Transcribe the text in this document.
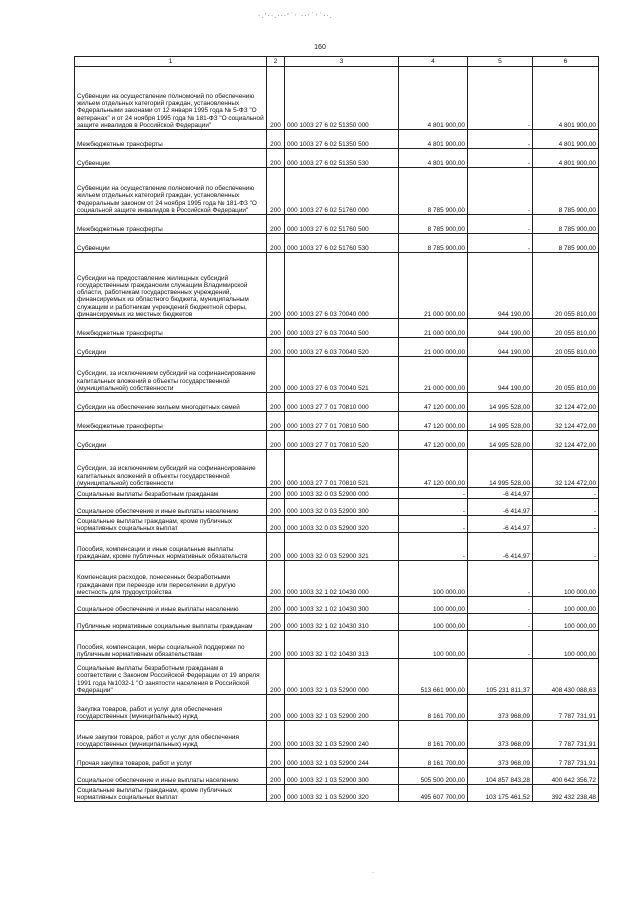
·.ʻ··.···'˙ˑ ··ˑ˙ˑ˙··.
160
1	2	3	4	5	6
Субвенции на осуществление полномочий по обеспечению жильем отдельных категорий граждан, установленных Федеральными законами от 12 января 1995 года № 5-ФЗ "О ветеранах" и от 24 ноября 1995 года № 181-ФЗ "О социальной защите инвалидов в Российской Федерации"	200	000 1003 27 6 02 51350 000	4 801 900,00	-	4 801 900,00
Межбюджетные трансферты	200	000 1003 27 6 02 51350 500	4 801 900,00	-	4 801 900,00
Субвенции	200	000 1003 27 6 02 51350 530	4 801 900,00	-	4 801 900,00
Субвенции на осуществление полномочий по обеспечению жильем отдельных категорий граждан, установленных Федеральным законом от 24 ноября 1995 года № 181-ФЗ "О социальной защите инвалидов в Российской Федерации"	200	000 1003 27 6 02 51760 000	8 785 900,00	-	8 785 900,00
Межбюджетные трансферты	200	000 1003 27 6 02 51760 500	8 785 900,00	-	8 785 900,00
Субвенции	200	000 1003 27 6 02 51760 530	8 785 900,00	-	8 785 900,00
Субсидии на предоставление жилищных субсидий государственным гражданским служащим Владимирской области, работникам государственных учреждений, финансируемых из областного бюджета, муниципальным служащим и работникам учреждений бюджетной сферы, финансируемых из местных бюджетов	200	000 1003 27 6 03 70040 000	21 000 000,00	944 190,00	20 055 810,00
Межбюджетные трансферты	200	000 1003 27 6 03 70040 500	21 000 000,00	944 190,00	20 055 810,00
Субсидии	200	000 1003 27 6 03 70040 520	21 000 000,00	944 190,00	20 055 810,00
Субсидии, за исключением субсидий на софинансирование капитальных вложений в объекты государственной (муниципальной) собственности	200	000 1003 27 6 03 70040 521	21 000 000,00	944 190,00	20 055 810,00
Субсидии на обеспечение жильем многодетных семей	200	000 1003 27 7 01 70810 000	47 120 000,00	14 995 528,00	32 124 472,00
Межбюджетные трансферты	200	000 1003 27 7 01 70810 500	47 120 000,00	14 995 528,00	32 124 472,00
Субсидии	200	000 1003 27 7 01 70810 520	47 120 000,00	14 995 528,00	32 124 472,00
Субсидии, за исключением субсидий на софинансирование капитальных вложений в объекты государственной (муниципальной) собственности	200	000 1003 27 7 01 70810 521	47 120 000,00	14 995 528,00	32 124 472,00
Социальные выплаты безработным гражданам	200	000 1003 32 0 03 52900 000	-	-6 414,97	-
Социальное обеспечение и иные выплаты населению	200	000 1003 32 0 03 52900 300	-	-6 414,97	-
Социальные выплаты гражданам, кроме публичных нормативных социальных выплат	200	000 1003 32 0 03 52900 320	-	-6 414,97	-
Пособия, компенсации и иные социальные выплаты гражданам, кроме публичных нормативных обязательств	200	000 1003 32 0 03 52900 321	-	-6 414,97	-
Компенсация расходов, понесенных безработными гражданами при переезде или переселении в другую местность для трудоустройства	200	000 1003 32 1 02 10430 000	100 000,00	-	100 000,00
Социальное обеспечение и иные выплаты населению	200	000 1003 32 1 02 10430 300	100 000,00	-	100 000,00
Публичные нормативные социальные выплаты гражданам	200	000 1003 32 1 02 10430 310	100 000,00	-	100 000,00
Пособия, компенсации, меры социальной поддержки по публичным нормативным обязательствам	200	000 1003 32 1 02 10430 313	100 000,00	-	100 000,00
Социальные выплаты безработным гражданам в соответствии с Законом Российской Федерации от 19 апреля 1991 года №1032-1 "О занятости населения в Российской Федерации"	200	000 1003 32 1 03 52900 000	513 661 900,00	105 231 811,37	408 430 088,63
Закупка товаров, работ и услуг для обеспечения государственных (муниципальных) нужд	200	000 1003 32 1 03 52900 200	8 161 700,00	373 968,09	7 787 731,91
Иные закупки товаров, работ и услуг для обеспечения государственных (муниципальных) нужд	200	000 1003 32 1 03 52900 240	8 161 700,00	373 968,09	7 787 731,91
Прочая закупка товаров, работ и услуг	200	000 1003 32 1 03 52900 244	8 161 700,00	373 968,09	7 787 731,91
Социальное обеспечение и иные выплаты населению	200	000 1003 32 1 03 52900 300	505 500 200,00	104 857 843,28	400 642 356,72
Социальные выплаты гражданам, кроме публичных нормативных социальных выплат	200	000 1003 32 1 03 52900 320	495 607 700,00	103 175 461,52	392 432 238,48
·
